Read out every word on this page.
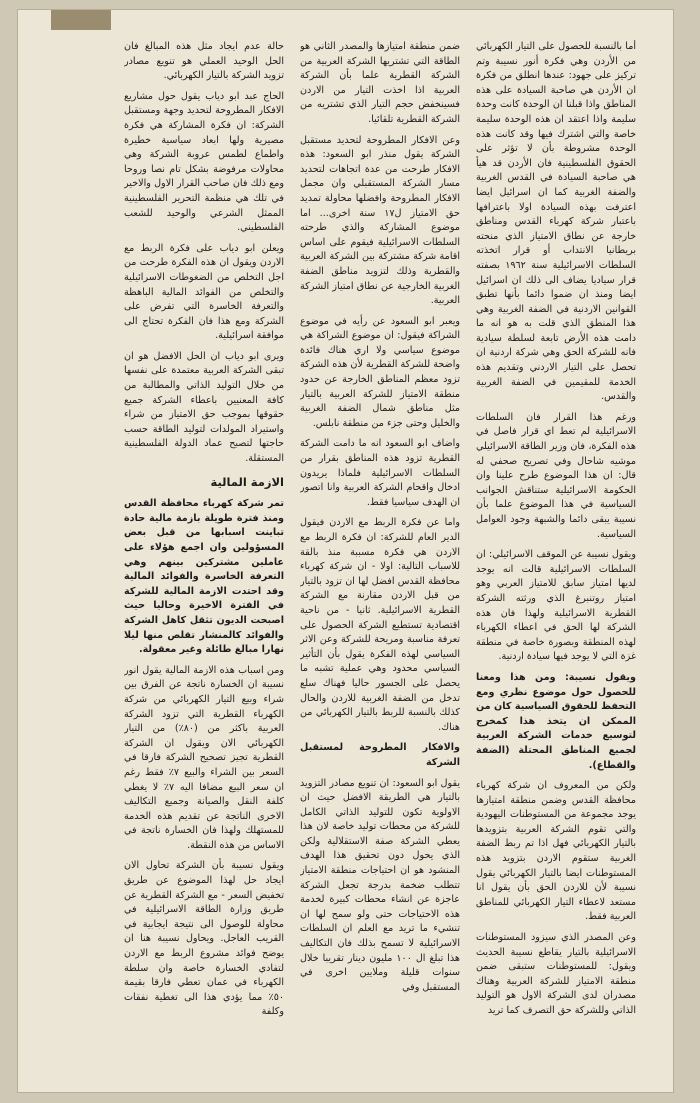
أما بالنسبة للحصول على التيار الكهربائي من الأردن وهي فكرة أنور نسيبة وتم تركيز على جهود: عندها انطلق من فكرة ان الأردن هي صاحبة السيادة على هذه المناطق واذا قبلنا ان الوحدة كانت وحدة سليمة واذا اعتقد ان هذه الوحدة سليمة خاصة والتي اشترك فيها وقد كانت هذه الوحدة مشروطة بأن لا تؤثر على الحقوق الفلسطينية فان الأردن قد هيأ هي صاحبة السيادة في القدس الغربية والضفة الغربية كما ان اسرائيل ايضا اعترفت بهذه السيادة اولا باعترافها باعتبار شركة كهرباء القدس ومناطق خارجة عن نطاق الامتياز الذي منحته بريطانيا الانتداب أو قرار اتخذته السلطات الاسرائيلية سنة ١٩٦٢ بصفته قرار سياديا يضاف الى ذلك ان اسرائيل ايضا ومنذ ان ضموا دائما بأنها تطبق القوانين الاردنية في الضفة الغربية وهي هذا المنطق الذي قلت به هو انه ما دامت هذه الأرض تابعة لسلطة سيادية فانه للشركة الحق وهي شركة اردنية ان تحصل على التيار الاردني وتقديم هذه الخدمة للمقيمين في الضفة الغربية والقدس.

ورغم هذا القرار فان السلطات الاسرائيلية لم تعط اي قرار فاصل في هذه الفكرة، فان وزير الطاقة الاسرائيلي موشيه شاحال وفي تصريح صحفي له قال: ان هذا الموضوع طرح علينا وان الحكومة الاسرائيلية ستناقش الجوانب السياسية في هذا الموضوع علما بأن نسيبة يبقى دائما والشبهة وجود العوامل السياسية.

ويقول نسيبة عن الموقف الاسرائيلي: ان السلطات الاسرائيلية قالت انه يوجد لديها امتياز سابق للامتياز العربي وهو امتياز روتنبرغ الذي ورثته الشركة القطرية الاسرائيلية ولهذا فان هذه الشركة لها الحق في اعطاء الكهرباء لهذه المنطقة وبصورة خاصة في منطقة غزة التي لا يوجد فيها سيادة اردنية.

ويقول نسيبة: ومن هذا ومعنا للحصول حول موضوع نظري ومع التحفظ للحقوق السياسية كان من الممكن ان يتخذ هذا كمخرج لتوسيع خدمات الشركة العربية لجميع المناطق المحتلة (الضفة والقطاع).

ولكن من المعروف ان شركة كهرباء محافظة القدس وضمن منطقة امتيازها يوجد مجموعة من المستوطنات اليهودية والتي تقوم الشركة العربية بتزويدها بالتيار الكهربائي فهل اذا تم ربط الضفة الغربية ستقوم الاردن بتزويد هذه المستوطنات ايضا بالتيار الكهربائي يقول نسيبة لأن للاردن الحق بأن يقول انا مستعد لاعطاء التيار الكهربائي للمناطق العربية فقط.

وعن المصدر الذي سيزود المستوطنات الاسرائيلية بالتيار يقاطع نسيبة الحديث ويقول: للمستوطنات ستبقى ضمن منطقة الامتياز للشركة العربية وهناك مصدران لدى الشركة الاول هو التوليد الذاتي وللشركة حق التصرف كما تريد

ضمن منطقة امتيازها والمصدر الثاني هو الطاقة التي تشتريها الشركة العربية من الشركة القطرية علما بأن الشركة العربية اذا اخذت التيار من الاردن فسينخفض حجم التيار الذي تشتريه من الشركة القطرية تلقائيا.

وعن الافكار المطروحة لتحديد مستقبل الشركة يقول منذر ابو السعود: هذه الافكار طرحت من عدة اتجاهات لتحديد مسار الشركة المستقبلي وان مجمل الافكار المطروحة وافضلها محاولة تمديد حق الامتياز ل١٧ سنة اخرى... اما موضوع المشاركة والذي طرحته السلطات الاسرائيلية فيقوم على اساس اقامة شركة مشتركة بين الشركة العربية والقطرية وذلك لتزويد مناطق الضفة الغربية الخارجية عن نطاق امتياز الشركة العربية.

ويعبر ابو السعود عن رأيه في موضوع الشراكة فيقول: ان موضوع الشراكة هي موضوع سياسي ولا اري هناك فائدة واضحة للشركة القطرية لأن هذه الشركة تزود معظم المناطق الخارجة عن حدود منطقة الامتياز للشركة العربية بالتيار مثل مناطق شمال الضفة الغربية والخليل وحتى جزء من منطقة نابلس.

واضاف ابو السعود انه ما دامت الشركة القطرية تزود هذه المناطق بقرار من السلطات الاسرائيلية فلماذا يريدون ادخال واقحام الشركة العربية وانا اتصور ان الهدف سياسيا فقط.

واما عن فكرة الربط مع الاردن فيقول الدير العام للشركة: ان فكرة الربط مع الاردن هي فكرة مسببة منذ بالقة للاسباب التالية: اولا - ان شركة كهرباء محافظة القدس افضل لها ان تزود بالتيار من قبل الاردن مقارنة مع الشركة القطرية الاسرائيلية. ثانيا - من ناحية اقتصادية تستطيع الشركة الحصول على تعرفة مناسبة ومريحة للشركة وعن الاثر السياسي لهذه الفكرة يقول بأن التأثير السياسي محدود وهي عملية تشبه ما يحصل على الجسور حاليا فهناك سلع تدخل من الضفة الغربية للاردن والحال كذلك بالنسبة للربط بالتيار الكهربائي من هناك.

والافكار المطروحة لمستقبل الشركة

يقول ابو السعود: ان تنويع مصادر التزويد بالتيار هي الطريقة الافضل حيث ان الاولوية تكون للتوليد الذاتي الكامل للشركة من محطات توليد خاصة لان هذا يعطي الشركة صفة الاستقلالية ولكن الذي يحول دون تحقيق هذا الهدف المنشود هو ان احتياجات منطقة الامتياز تتطلب ضخمة بدرجة تجعل الشركة عاجزة عن انشاء محطات كبيرة لخدمة هذه الاحتياجات حتى ولو سمح لها ان تنشيء ما تريد مع العلم ان السلطات الاسرائيلية لا تسمح بذلك فان التكاليف هذا تبلغ ال ١٠٠ مليون دينار تقريبا خلال سنوات قليلة وملايين اخرى في المستقبل وفي

حالة عدم ايجاد مثل هذه المبالغ فان الحل الوحيد العملي هو تنويع مصادر تزويد الشركة بالتيار الكهربائي.

الحاج عبد ابو دياب يقول حول مشاريع الافكار المطروحة لتحديد وجهة ومستقبل الشركة: ان فكرة المشاركة هي فكرة مصيرية ولها ابعاد سياسية خطيرة واطماع لطمس عروبة الشركة وهي محاولات مرفوضة بشكل تام نصا وروحا ومع ذلك فان صاحب القرار الاول والاخير في تلك هي منظمة التحرير الفلسطينية الممثل الشرعي والوحيد للشعب الفلسطيني.

ويعلن ابو دياب على فكرة الربط مع الاردن ويقول ان هذه الفكرة طرحت من اجل التخلص من الضغوطات الاسرائيلية والتخلص من الفوائد المالية الباهظة والتعرفة الخاسرة التي تفرض على الشركة ومع هذا فان الفكرة تحتاج الى موافقة اسرائيلية.

ويرى ابو دياب ان الحل الافضل هو ان تبقى الشركة العربية معتمدة على نفسها من خلال التوليد الذاتي والمطالبة من كافة المعنيين باعطاء الشركة جميع حقوقها بموجب حق الامتياز من شراء واستيراد المولدات لتوليد الطاقة حسب حاجتها لتصبح عماد الدولة الفلسطينية المستقلة.

الازمة المالية

تمر شركة كهرباء محافظة القدس ومنذ فترة طويلة بازمة مالية حادة تباينت اسبابها من قبل بعض المسؤولين وان اجمع هؤلاء على عاملين مشتركين بينهم وهي التعرفة الخاسرة والفوائد المالية وقد احتدت الازمة المالية للشركة في الفترة الاخيرة وحاليا حيث اصبحت الديون تثقل كاهل الشركة والفوائد كالمنشار تقلص منها ليلا نهارا مبالغ طائلة وغير معقولة.

ومن اسباب هذه الازمة المالية يقول انور نسيبة ان الخسارة ناتجة عن الفرق بين شراء وبيع التيار الكهربائي من شركة الكهرباء القطرية التي تزود الشركة العربية باكثر من (٨٠٪) من التيار الكهربائي الان ويقول ان الشركة القطرية تجيز تصحيح الشركة فارقا في السعر بين الشراء والبيع ٧٪ فقط رغم ان سعر البيع مضافا اليه ٧٪ لا يغطي كلفة النقل والصيانة وجميع التكاليف الاخرى الناتجة عن تقديم هذه الخدمة للمستهلك ولهذا فان الخسارة ناتجة في الاساس من هذه النقطة.

ويقول نسيبة بأن الشركة تحاول الان ايجاد حل لهذا الموضوع عن طريق تخفيض السعر - مع الشركة القطرية عن طريق وزارة الطاقة الاسرائيلية في محاولة للوصول الى نتيجة ايجابية في القريب العاجل. ويحاول نسيبة هنا ان يوضح فوائد مشروع الربط مع الاردن لتفادي الخسارة خاصة وان سلطة الكهرباء في عمان تعطي فارقا بقيمة ٥٠٪ مما يؤدي هذا الى تغطية نفقات وكلفة
